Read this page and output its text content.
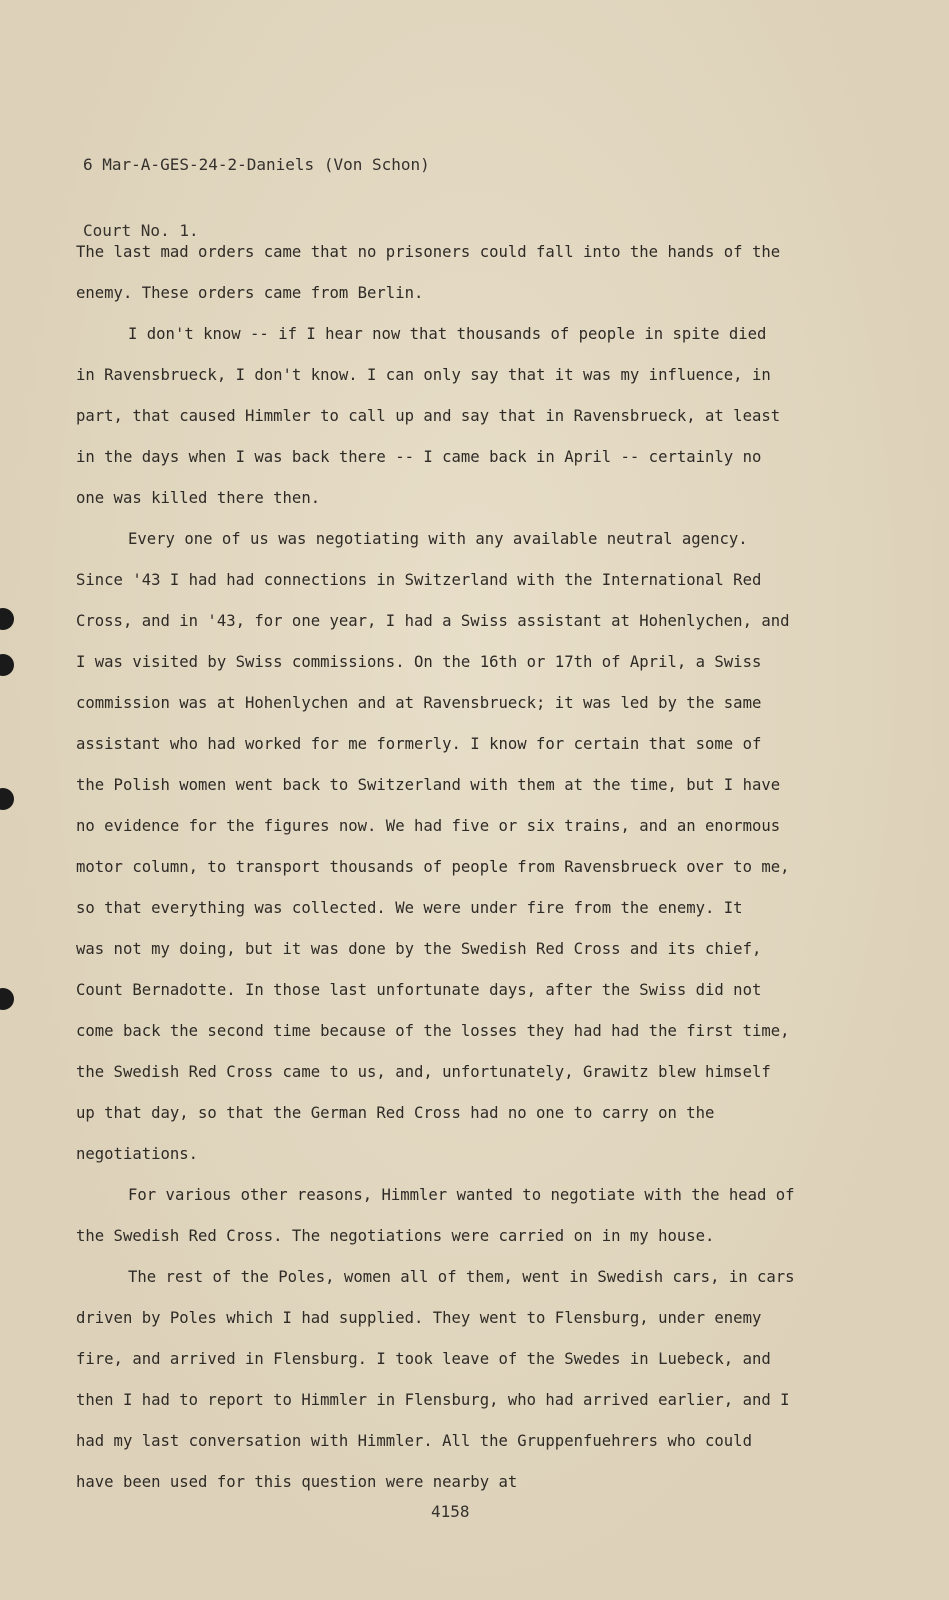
6 Mar-A-GES-24-2-Daniels (Von Schon)

Court No. 1.

The last mad orders came that no prisoners could fall into the hands of the
enemy. These orders came from Berlin.
I don't know -- if I hear now that thousands of people in spite died
in Ravensbrueck, I don't know. I can only say that it was my influence, in
part, that caused Himmler to call up and say that in Ravensbrueck, at least
in the days when I was back there -- I came back in April -- certainly no
one was killed there then.
Every one of us was negotiating with any available neutral agency.
Since '43 I had had connections in Switzerland with the International Red
Cross, and in '43, for one year, I had a Swiss assistant at Hohenlychen, and
I was visited by Swiss commissions. On the 16th or 17th of April, a Swiss
commission was at Hohenlychen and at Ravensbrueck; it was led by the same
assistant who had worked for me formerly. I know for certain that some of
the Polish women went back to Switzerland with them at the time, but I have
no evidence for the figures now. We had five or six trains, and an enormous
motor column, to transport thousands of people from Ravensbrueck over to me,
so that everything was collected. We were under fire from the enemy. It
was not my doing, but it was done by the Swedish Red Cross and its chief,
Count Bernadotte. In those last unfortunate days, after the Swiss did not
come back the second time because of the losses they had had the first time,
the Swedish Red Cross came to us, and, unfortunately, Grawitz blew himself
up that day, so that the German Red Cross had no one to carry on the
negotiations.
For various other reasons, Himmler wanted to negotiate with the head of
the Swedish Red Cross. The negotiations were carried on in my house.
The rest of the Poles, women all of them, went in Swedish cars, in cars
driven by Poles which I had supplied. They went to Flensburg, under enemy
fire, and arrived in Flensburg. I took leave of the Swedes in Luebeck, and
then I had to report to Himmler in Flensburg, who had arrived earlier, and I
had my last conversation with Himmler. All the Gruppenfuehrers who could
have been used for this question were nearby at
4158
